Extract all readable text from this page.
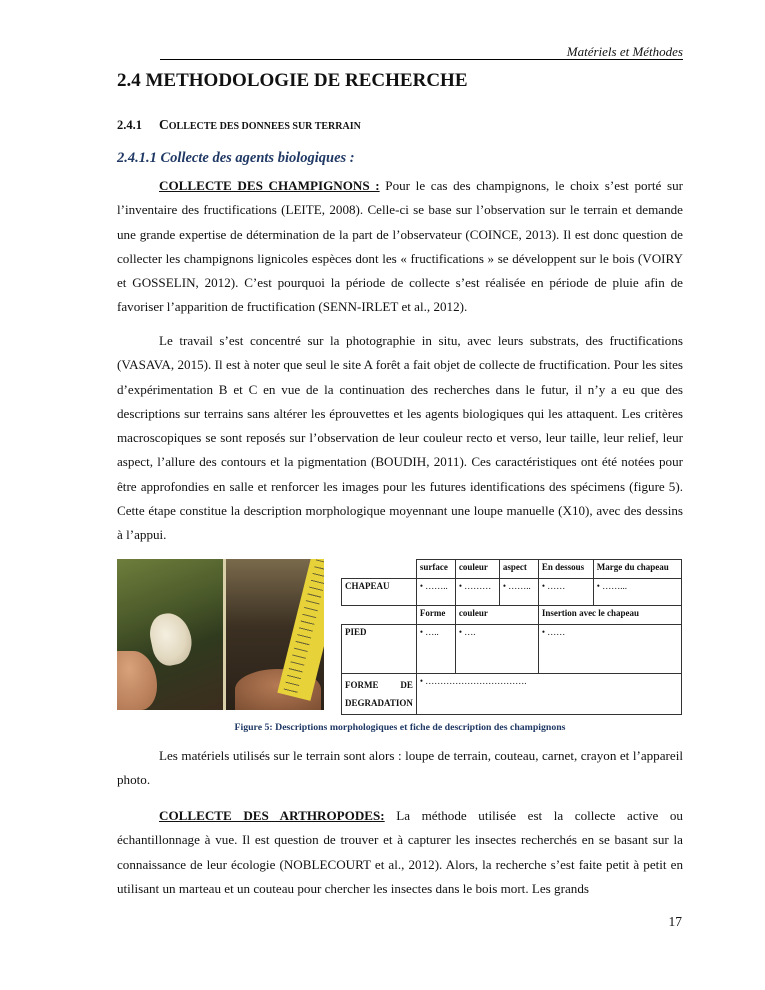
Matériels et Méthodes
2.4 METHODOLOGIE DE RECHERCHE
2.4.1 COLLECTE DES DONNEES SUR TERRAIN
2.4.1.1 Collecte des agents biologiques :

COLLECTE DES CHAMPIGNONS : Pour le cas des champignons, le choix s’est porté sur l’inventaire des fructifications (LEITE, 2008). Celle-ci se base sur l’observation sur le terrain et demande une grande expertise de détermination de la part de l’observateur (COINCE, 2013). Il est donc question de collecter les champignons lignicoles espèces dont les « fructifications » se développent sur le bois (VOIRY et GOSSELIN, 2012). C’est pourquoi la période de collecte s’est réalisée en période de pluie afin de favoriser l’apparition de fructification (SENN-IRLET et al., 2012).

Le travail s’est concentré sur la photographie in situ, avec leurs substrats, des fructifications (VASAVA, 2015). Il est à noter que seul le site A forêt a fait objet de collecte de fructification. Pour les sites d’expérimentation B et C en vue de la continuation des recherches dans le futur, il n’y a eu que des descriptions sur terrains sans altérer les éprouvettes et les agents biologiques qui les attaquent. Les critères macroscopiques se sont reposés sur l’observation de leur couleur recto et verso, leur taille, leur relief, leur aspect, l’allure des contours et la pigmentation (BOUDIH, 2011). Ces caractéristiques ont été notées pour être approfondies en salle et renforcer les images pour les futures identifications des spécimens (figure 5). Cette étape constitue la description morphologique moyennant une loupe manuelle (X10), avec des dessins à l’appui.

	surface	couleur	aspect	En dessous	Marge du chapeau
CHAPEAU	• ……..	• ………	• ……..	• ……	• ……...
	Forme	couleur		Insertion avec le chapeau	
PIED	• …..	• ….		• ……	

FORME DE
DEGRADATION	• …………………………….				
Figure 5: Descriptions morphologiques et fiche de description des champignons

Les matériels utilisés sur le terrain sont alors : loupe de terrain, couteau, carnet, crayon et l’appareil photo.

COLLECTE DES ARTHROPODES: La méthode utilisée est la collecte active ou échantillonnage à vue. Il est question de trouver et à capturer les insectes recherchés en se basant sur la connaissance de leur écologie (NOBLECOURT et al., 2012). Alors, la recherche s’est faite petit à petit en utilisant un marteau et un couteau pour chercher les insectes dans le bois mort. Les grands

17
